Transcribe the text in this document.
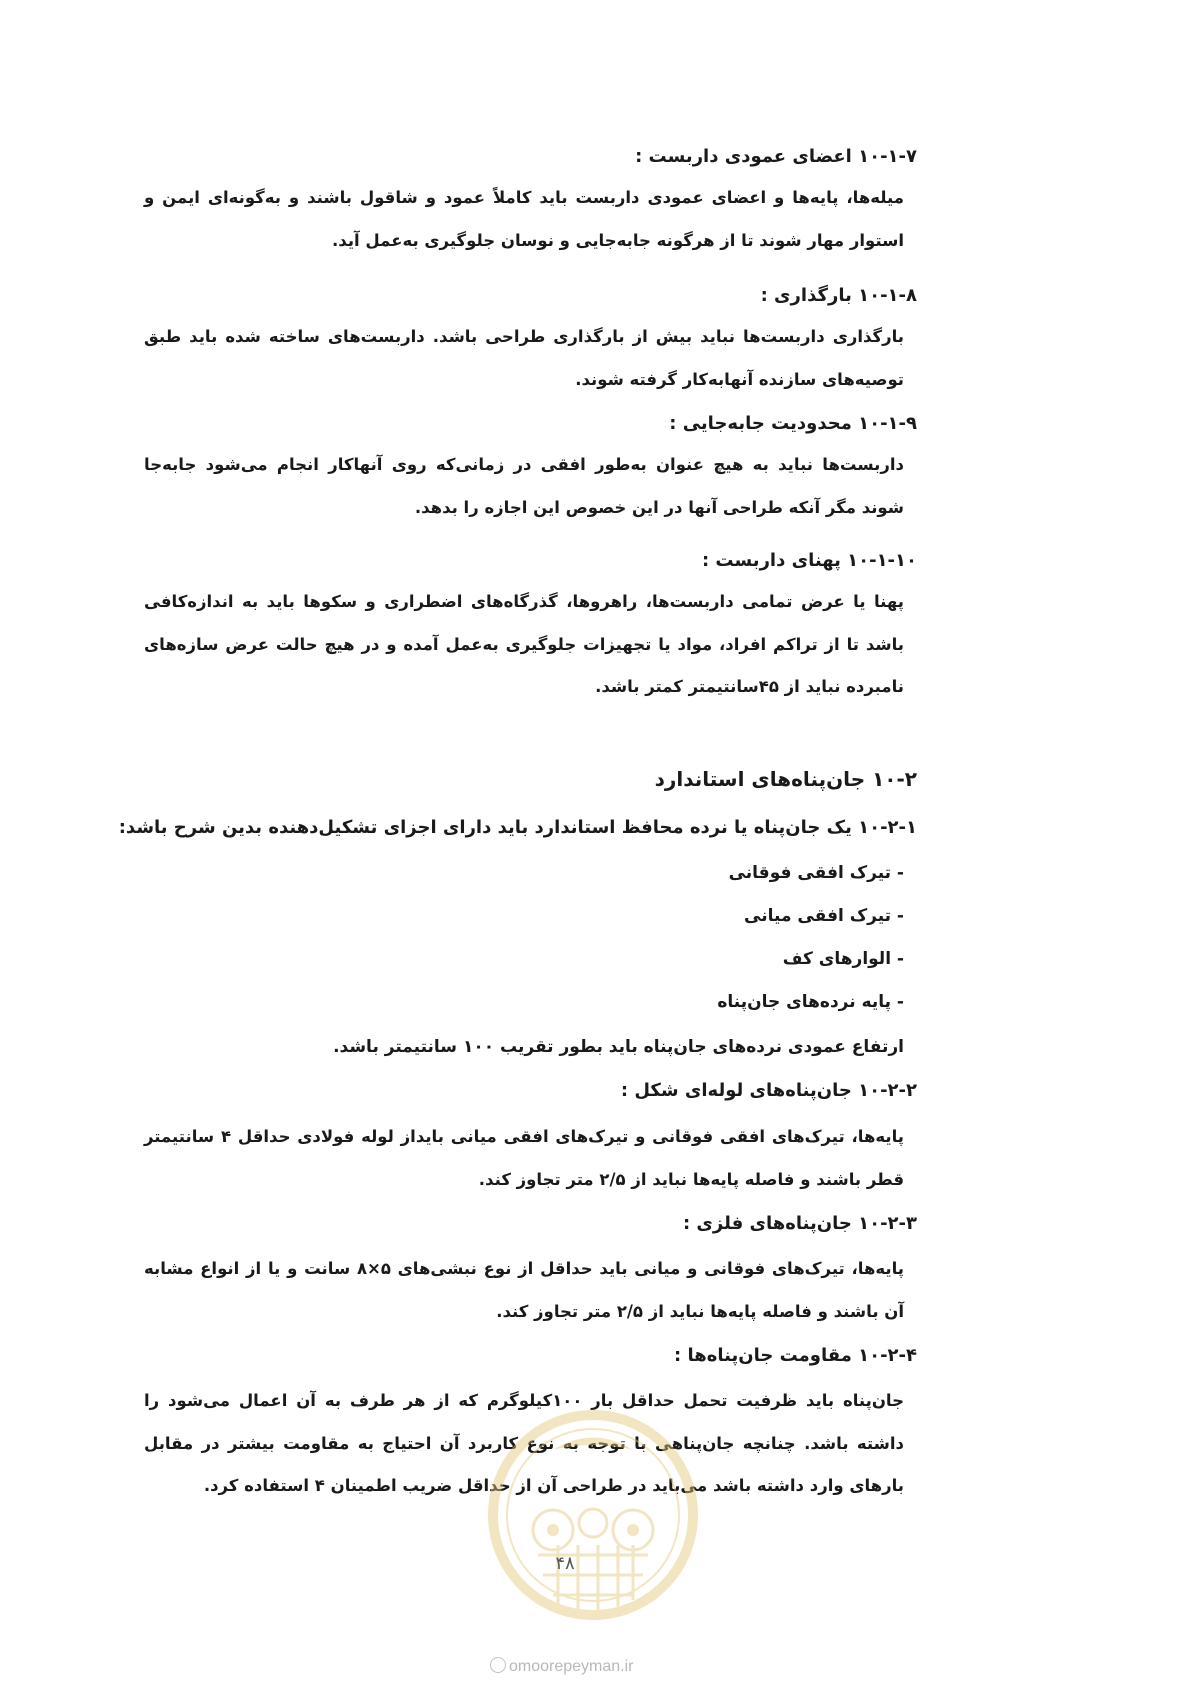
۱۰-۱-۷ اعضای عمودی داربست :
میله‌ها، پایه‌ها و اعضای عمودی داربست باید کاملاً عمود و شاقول باشند و به‌گونه‌ای ایمن و استوار مهار شوند تا از هرگونه جابه‌جایی و نوسان جلوگیری به‌عمل آید.
۱۰-۱-۸ بارگذاری :
بارگذاری داربست‌ها نباید بیش از بارگذاری طراحی باشد. داربست‌های ساخته شده باید طبق توصیه‌های سازنده آنهابه‌کار گرفته شوند.
۱۰-۱-۹ محدودیت جابه‌جایی :
داربست‌ها نباید به هیچ عنوان به‌طور افقی در زمانی‌که روی آنهاکار انجام می‌شود جابه‌جا شوند مگر آنکه طراحی آنها در این خصوص این اجازه را بدهد.
۱۰-۱-۱۰ پهنای داربست :
پهنا یا عرض تمامی داربست‌ها، راهروها، گذرگاه‌های اضطراری و سکوها باید به اندازه‌کافی باشد تا از تراکم افراد، مواد یا تجهیزات جلوگیری به‌عمل آمده و در هیچ حالت عرض سازه‌های نامبرده نباید از ۴۵سانتیمتر کمتر باشد.
۱۰-۲ جان‌پناه‌های استاندارد
۱۰-۲-۱ یک جان‌پناه یا نرده محافظ استاندارد باید دارای اجزای تشکیل‌دهنده بدین شرح باشد:
- تیرک افقی فوقانی
- تیرک افقی میانی
- الوارهای کف
- پایه نرده‌های جان‌پناه
ارتفاع عمودی نرده‌های جان‌پناه باید بطور تقریب ۱۰۰ سانتیمتر باشد.
۱۰-۲-۲ جان‌پناه‌های لوله‌ای شکل :
پایه‌ها، تیرک‌های افقی فوقانی و تیرک‌های افقی میانی بایداز لوله فولادی حداقل ۴ سانتیمتر قطر باشند و فاصله پایه‌ها نباید از ۲/۵ متر تجاوز کند.
۱۰-۲-۳ جان‌پناه‌های فلزی :
پایه‌ها، تیرک‌های فوقانی و میانی باید حداقل از نوع نبشی‌های ۵×۸ سانت و یا از انواع مشابه آن باشند و فاصله پایه‌ها نباید از ۲/۵ متر تجاوز کند.
۱۰-۲-۴ مقاومت جان‌پناه‌ها :
جان‌پناه باید ظرفیت تحمل حداقل بار ۱۰۰کیلوگرم که از هر طرف به آن اعمال می‌شود را داشته باشد. چنانچه جان‌پناهی با توجه به نوع کاربرد آن احتیاج به مقاومت بیشتر در مقابل بارهای وارد داشته باشد می‌باید در طراحی آن از حداقل ضریب اطمینان ۴ استفاده کرد.
۴۸
omoorepeyman.ir
